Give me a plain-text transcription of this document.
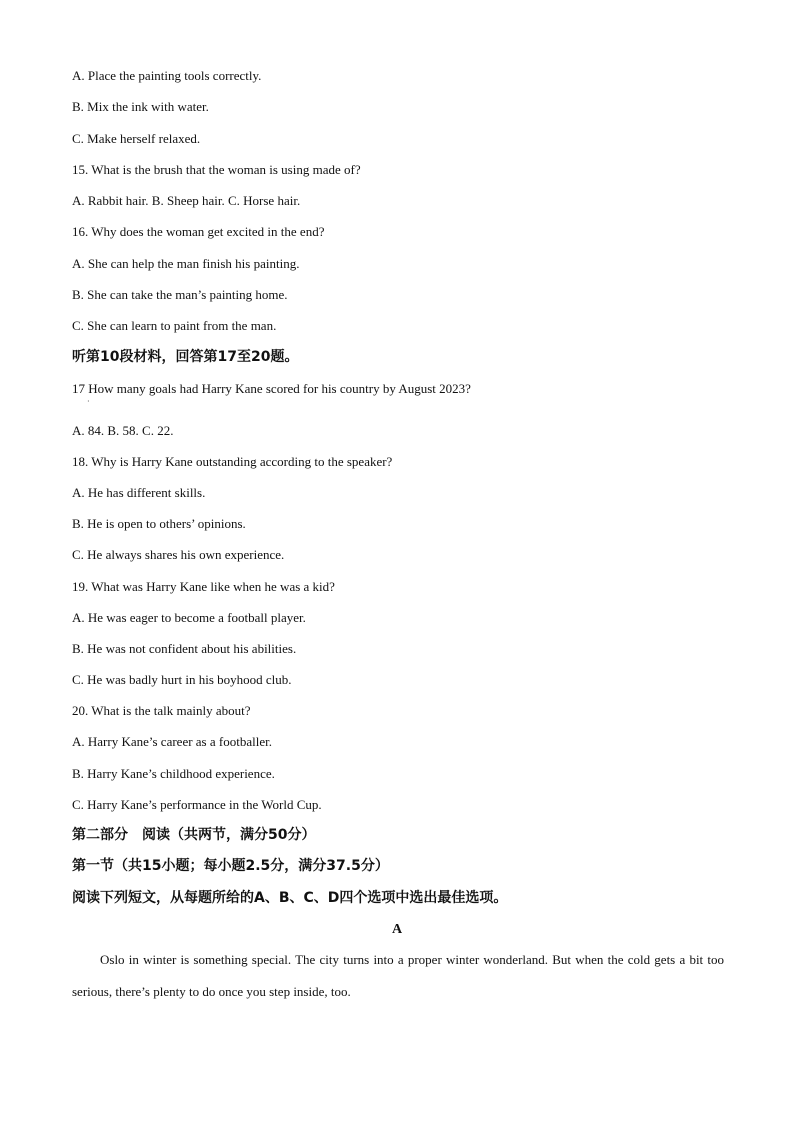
A. Place the painting tools correctly.
B. Mix the ink with water.
C. Make herself relaxed.
15. What is the brush that the woman is using made of?
A. Rabbit hair. B. Sheep hair. C. Horse hair.
16. Why does the woman get excited in the end?
A. She can help the man finish his painting.
B. She can take the man’s painting home.
C. She can learn to paint from the man.
听第10段材料，回答第17至20题。
17 How many goals had Harry Kane scored for his country by August 2023?
·
A. 84. B. 58. C. 22.
18. Why is Harry Kane outstanding according to the speaker?
A. He has different skills.
B. He is open to others’ opinions.
C. He always shares his own experience.
19. What was Harry Kane like when he was a kid?
A. He was eager to become a football player.
B. He was not confident about his abilities.
C. He was badly hurt in his boyhood club.
20. What is the talk mainly about?
A. Harry Kane’s career as a footballer.
B. Harry Kane’s childhood experience.
C. Harry Kane’s performance in the World Cup.
第二部分　阅读（共两节，满分50分）
第一节（共15小题；每小题2.5分，满分37.5分）
阅读下列短文，从每题所给的A、B、C、D四个选项中选出最佳选项。
A
Oslo in winter is something special. The city turns into a proper winter wonderland. But when the cold gets a bit too serious, there’s plenty to do once you step inside, too.
